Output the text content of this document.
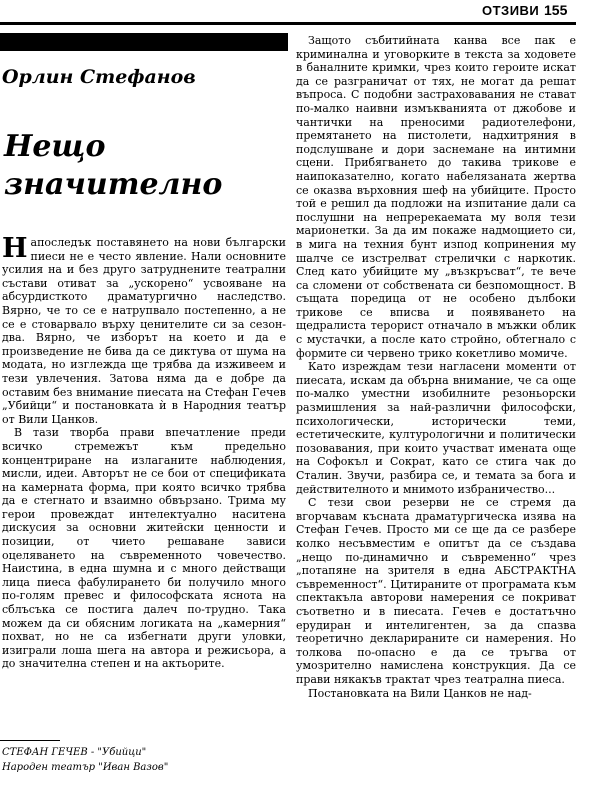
ОТЗИВИ 155
Орлин Стефанов
Нещо значително

Напоследък поставянето на нови български пиеси не е често явление. Нали основните усилия на и без друго затруднените театрални състави отиват за „ускорено“ усвояване на абсурдисткото драматургично наследство. Вярно, че то се е натрупвало постепенно, а не се е стоварвало върху ценителите си за сезон-два. Вярно, че изборът на което и да е произведение не бива да се диктува от шума на модата, но изглежда ще трябва да изживеем и тези увлечения. Затова няма да е добре да оставим без внимание пиесата на Стефан Гечев „Убийци“ и постановката ѝ в Народния театър от Вили Цанков.

В тази творба прави впечатление преди всичко стремежът към предельно концентриране на излаганите наблюдения, мисли, идеи. Авторът не се бои от спецификата на камерната форма, при която всичко трябва да е стегнато и взаимно обвързано. Трима му герои провеждат интелектуално наситена дискусия за основни житейски ценности и позиции, от чието решаване зависи оцеляването на съвременното човечество. Наистина, в една шумна и с много действащи лица пиеса фабулирането би получило много по-голям превес и философската яснота на сблъсъка се постига далеч по-трудно. Така можем да си обясним логиката на „камерния“ похват, но не са избегнати други уловки, изиграли лоша шега на автора и режисьора, а до значителна степен и на актьорите.

Защото събитийната канва все пак е криминална и уговорките в текста за ходовете в баналните кримки, чрез които героите искат да се разграничат от тях, не могат да решат въпроса. С подобни застраховавания не стават по-малко наивни измъкванията от джобове и чантички на преносими радиотелефони, премятането на пистолети, надхитряния в подслушване и дори заснемане на интимни сцени. Прибягването до такива трикове е наипоказателно, когато набелязаната жертва се оказва върховния шеф на убийците. Просто той е решил да подложи на изпитание дали са послушни на непререкаемата му воля тези марионетки. За да им покаже надмощието си, в мига на техния бунт изпод копринения му шалче се изстрелват стрелички с наркотик. След като убийците му „възкръсват“, те вече са сломени от собствената си безпомощност. В същата поредица от не особено дълбоки трикове се вписва и появяването на щедралиста терорист отначало в мъжки облик с мустачки, а после като стройно, обтегнало с формите си червено трико кокетливо момиче.

Като изреждам тези нагласени моменти от пиесата, искам да обърна внимание, че са още по-малко уместни изобилните резоньорски размишления за най-различни философски, психологически, исторически теми, естетическите, културологични и политически позовавания, при които участват имената още на Софокъл и Сократ, като се стига чак до Сталин. Звучи, разбира се, и темата за бога и действителното и мнимото избраничество...

С тези свои резерви не се стремя да вгорчавам късната драматургическа изява на Стефан Гечев. Просто ми се ще да се разбере колко несъвместим е опитът да се създава „нещо по-динамично и съвременно“ чрез „потапяне на зрителя в една АБСТРАКТНА съвременност“. Цитираните от програмата към спектакъла авторови намерения се покриват съответно и в пиесата. Гечев е достатъчно ерудиран и интелигентен, за да спазва теоретично декларираните си намерения. Но толкова по-опасно е да се тръгва от умозрително намислена конструкция. Да се прави някакъв трактат чрез театрална пиеса.

Постановката на Вили Цанков не над-

СТЕФАН ГЕЧЕВ - "Убийци"
Народен театър "Иван Вазов"
